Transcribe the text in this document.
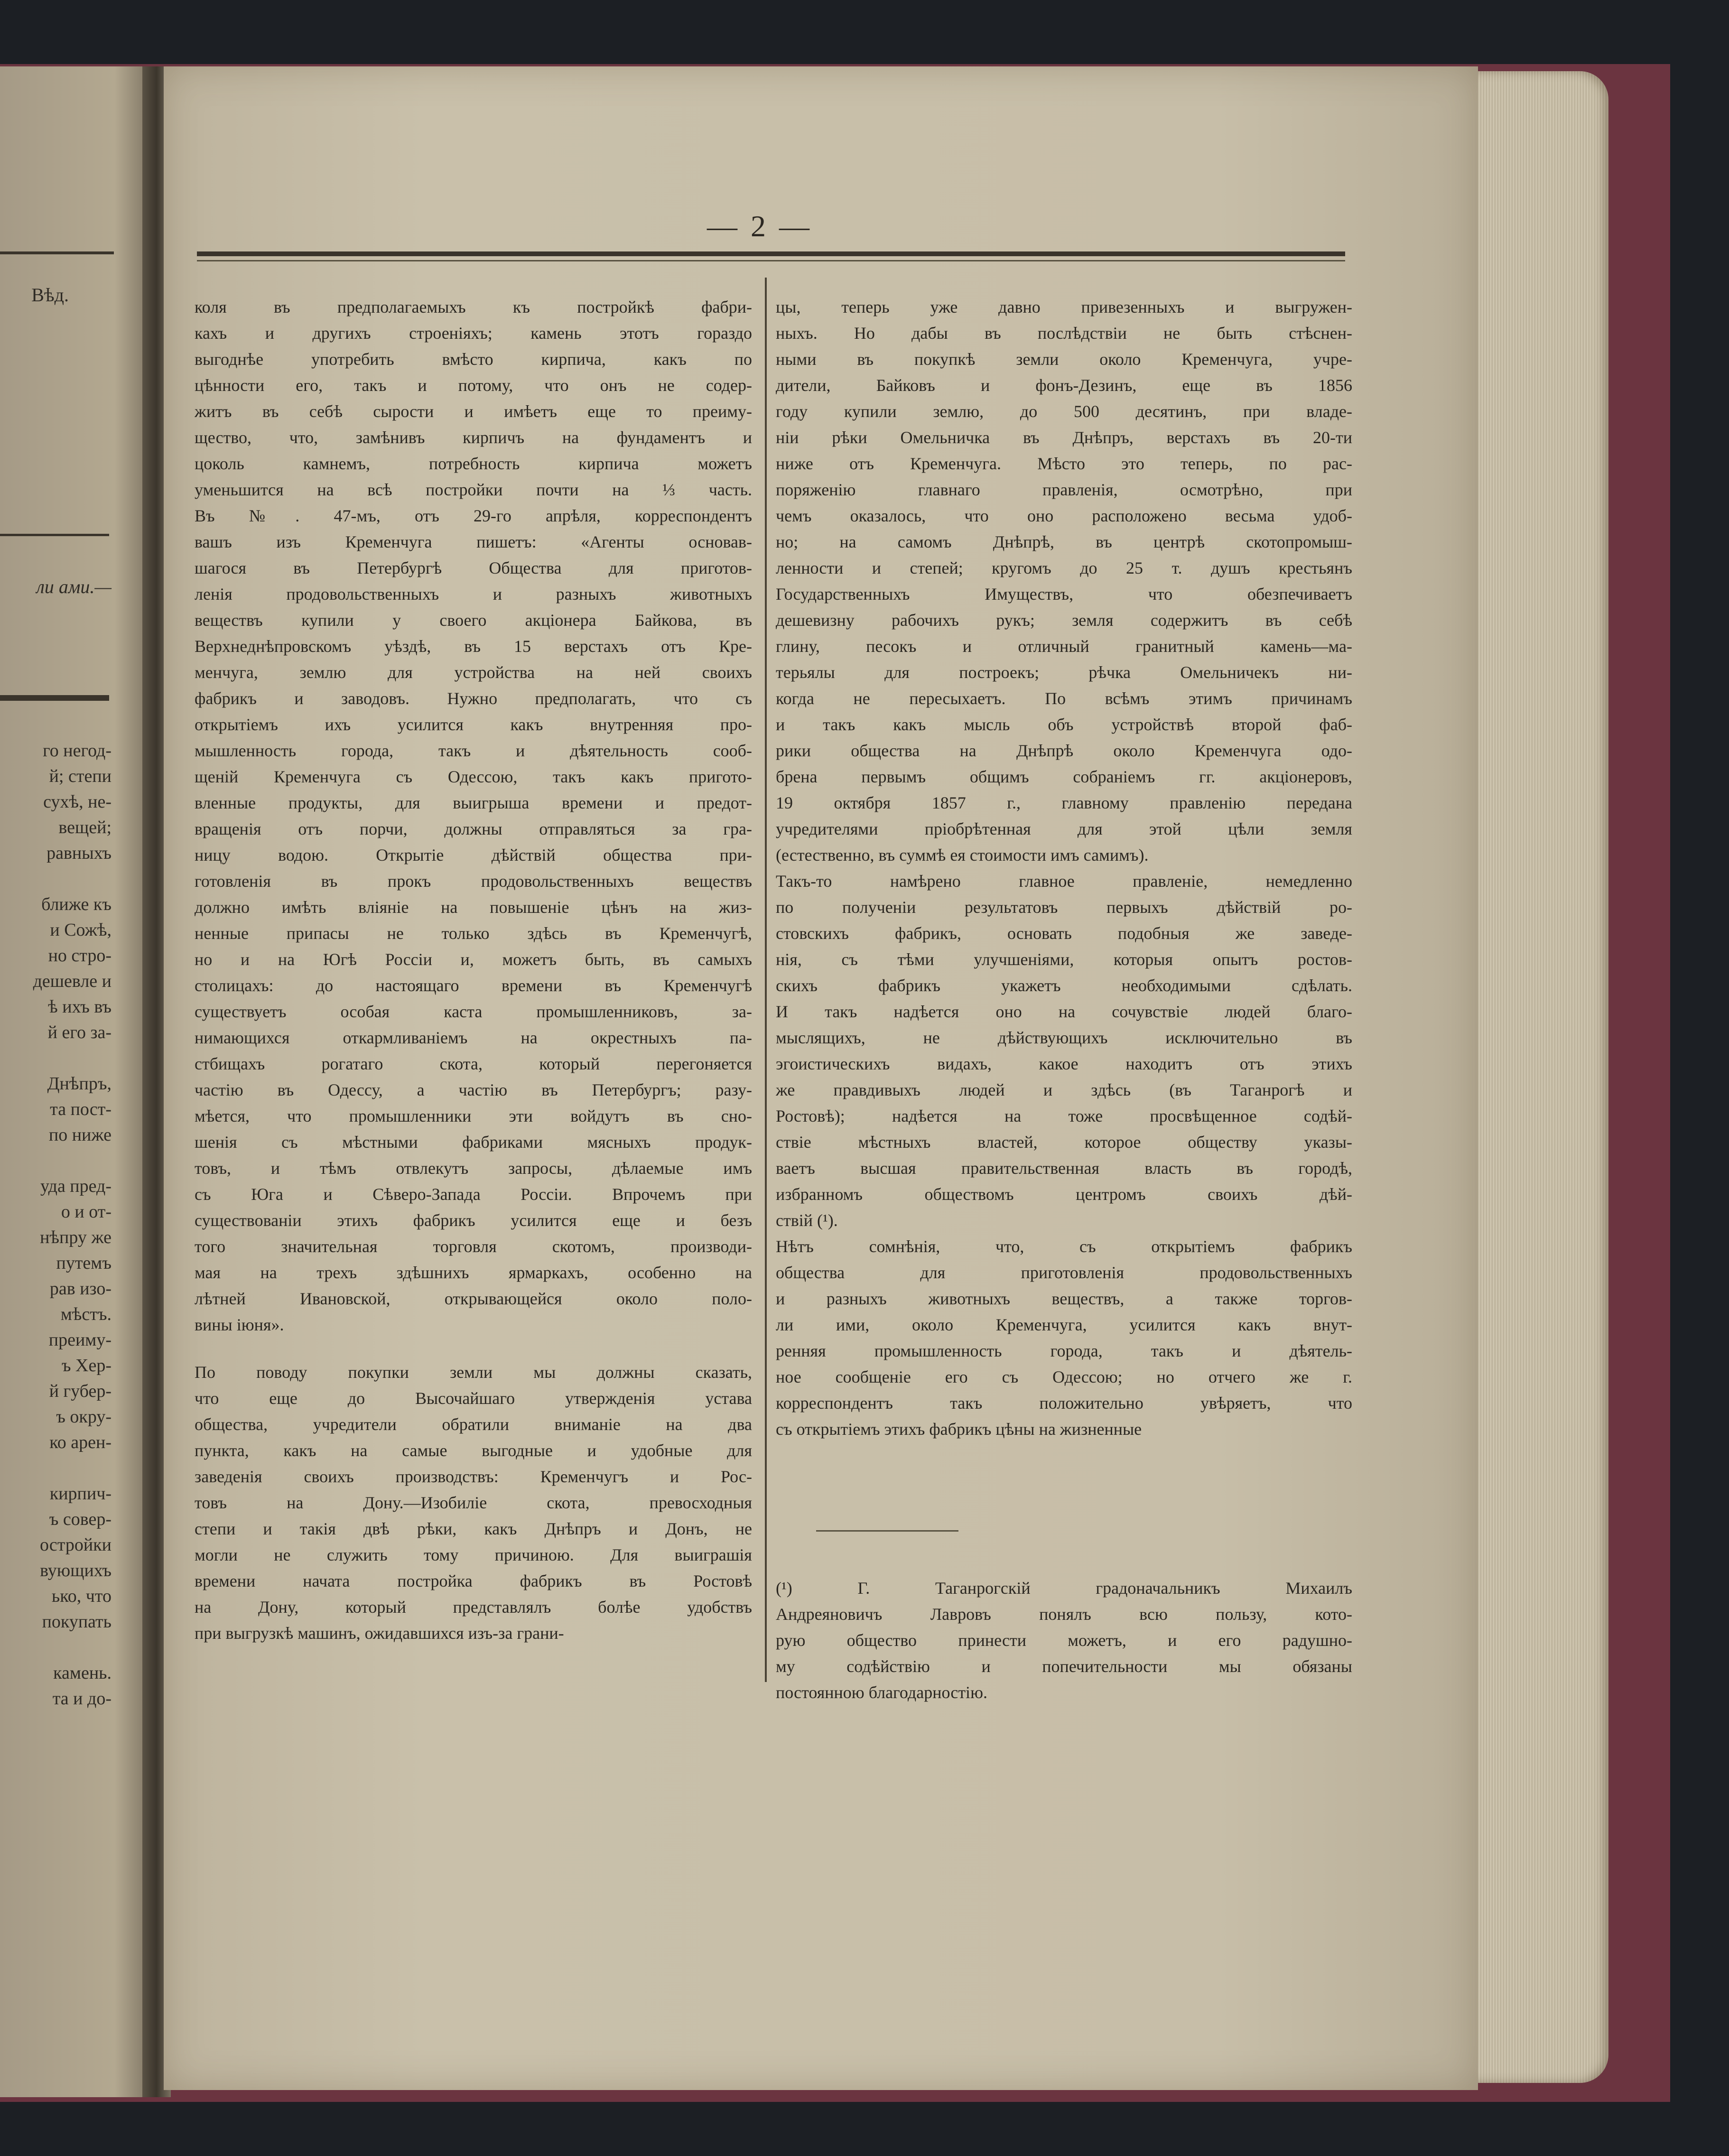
Вѣд.
ли ами.—
го негод-
й; степи
сухѣ, не-
вещей;
равныхъ
ближе къ
и Сожѣ,
но стро-
дешевле и
ѣ ихъ въ
й его за-
Днѣпръ,
та пост-
по ниже
уда пред-
о и от-
нѣпру же
путемъ
рав изо-
мѣстъ.
преиму-
ъ Хер-
й губер-
ъ окру-
ко арен-
кирпич-
ъ совер-
остройки
вующихъ
ько, что
покупать
камень.
та и до-
— 2 —
коля въ предполагаемыхъ къ постройкѣ фабри-
кахъ и другихъ строеніяхъ; камень этотъ гораздо
выгоднѣе употребить вмѣсто кирпича, какъ по
цѣнности его, такъ и потому, что онъ не содер-
житъ въ себѣ сырости и имѣетъ еще то преиму-
щество, что, замѣнивъ кирпичъ на фундаментъ и
цоколь камнемъ, потребность кирпича можетъ
уменьшится на всѣ постройки почти на ⅓ часть.
Въ №. 47-мъ, отъ 29-го апрѣля, корреспондентъ
вашъ изъ Кременчуга пишетъ: «Агенты основав-
шагося въ Петербургѣ Общества для приготов-
ленія продовольственныхъ и разныхъ животныхъ
веществъ купили у своего акціонера Байкова, въ
Верхнеднѣпровскомъ уѣздѣ, въ 15 верстахъ отъ Кре-
менчуга, землю для устройства на ней своихъ
фабрикъ и заводовъ. Нужно предполагать, что съ
открытіемъ ихъ усилится какъ внутренняя про-
мышленность города, такъ и дѣятельность сооб-
щеній Кременчуга съ Одессою, такъ какъ пригото-
вленные продукты, для выигрыша времени и предот-
вращенія отъ порчи, должны отправляться за гра-
ницу водою. Открытіе дѣйствій общества при-
готовленія въ прокъ продовольственныхъ веществъ
должно имѣть вліяніе на повышеніе цѣнъ на жиз-
ненные припасы не только здѣсь въ Кременчугѣ,
но и на Югѣ Россіи и, можетъ быть, въ самыхъ
столицахъ: до настоящаго времени въ Кременчугѣ
существуетъ особая каста промышленниковъ, за-
нимающихся откармливаніемъ на окрестныхъ па-
стбищахъ рогатаго скота, который перегоняется
частію въ Одессу, а частію въ Петербургъ; разу-
мѣется, что промышленники эти войдутъ въ сно-
шенія съ мѣстными фабриками мясныхъ продук-
товъ, и тѣмъ отвлекутъ запросы, дѣлаемые имъ
съ Юга и Сѣверо-Запада Россіи. Впрочемъ при
существованіи этихъ фабрикъ усилится еще и безъ
того значительная торговля скотомъ, производи-
мая на трехъ здѣшнихъ ярмаркахъ, особенно на
лѣтней Ивановской, открывающейся около поло-
вины іюня».
По поводу покупки земли мы должны сказать,
что еще до Высочайшаго утвержденія устава
общества, учредители обратили вниманіе на два
пункта, какъ на самые выгодные и удобные для
заведенія своихъ производствъ: Кременчугъ и Рос-
товъ на Дону.—Изобиліе скота, превосходныя
степи и такія двѣ рѣки, какъ Днѣпръ и Донъ, не
могли не служить тому причиною. Для выиграшія
времени начата постройка фабрикъ въ Ростовѣ
на Дону, который представлялъ болѣе удобствъ
при выгрузкѣ машинъ, ожидавшихся изъ-за грани-
цы, теперь уже давно привезенныхъ и выгружен-
ныхъ. Но дабы въ послѣдствіи не быть стѣснен-
ными въ покупкѣ земли около Кременчуга, учре-
дители, Байковъ и фонъ-Дезинъ, еще въ 1856
году купили землю, до 500 десятинъ, при владе-
ніи рѣки Омельничка въ Днѣпръ, верстахъ въ 20-ти
ниже отъ Кременчуга. Мѣсто это теперь, по рас-
поряженію главнаго правленія, осмотрѣно, при
чемъ оказалось, что оно расположено весьма удоб-
но; на самомъ Днѣпрѣ, въ центрѣ скотопромыш-
ленности и степей; кругомъ до 25 т. душъ крестьянъ
Государственныхъ Имуществъ, что обезпечиваетъ
дешевизну рабочихъ рукъ; земля содержитъ въ себѣ
глину, песокъ и отличный гранитный камень—ма-
терьялы для построекъ; рѣчка Омельничекъ ни-
когда не пересыхаетъ. По всѣмъ этимъ причинамъ
и такъ какъ мысль объ устройствѣ второй фаб-
рики общества на Днѣпрѣ около Кременчуга одо-
брена первымъ общимъ собраніемъ гг. акціонеровъ,
19 октября 1857 г., главному правленію передана
учредителями пріобрѣтенная для этой цѣли земля
(естественно, въ суммѣ ея стоимости имъ самимъ).
Такъ-то намѣрено главное правленіе, немедленно
по полученіи результатовъ первыхъ дѣйствій ро-
стовскихъ фабрикъ, основать подобныя же заведе-
нія, съ тѣми улучшеніями, которыя опытъ ростов-
скихъ фабрикъ укажетъ необходимыми сдѣлать.
И такъ надѣется оно на сочувствіе людей благо-
мыслящихъ, не дѣйствующихъ исключительно въ
эгоистическихъ видахъ, какое находитъ отъ этихъ
же правдивыхъ людей и здѣсь (въ Таганрогѣ и
Ростовѣ); надѣется на тоже просвѣщенное содѣй-
ствіе мѣстныхъ властей, которое обществу указы-
ваетъ высшая правительственная власть въ городѣ,
избранномъ обществомъ центромъ своихъ дѣй-
ствій (¹).
Нѣтъ сомнѣнія, что, съ открытіемъ фабрикъ
общества для приготовленія продовольственныхъ
и разныхъ животныхъ веществъ, а также торгов-
ли ими, около Кременчуга, усилится какъ внут-
ренняя промышленность города, такъ и дѣятель-
ное сообщеніе его съ Одессою; но отчего же г.
корреспондентъ такъ положительно увѣряетъ, что
съ открытіемъ этихъ фабрикъ цѣны на жизненные
(¹) Г. Таганрогскій градоначальникъ Михаилъ
Андреяновичъ Лавровъ понялъ всю пользу, кото-
рую общество принести можетъ, и его радушно-
му содѣйствію и попечительности мы обязаны
постоянною благодарностію.
